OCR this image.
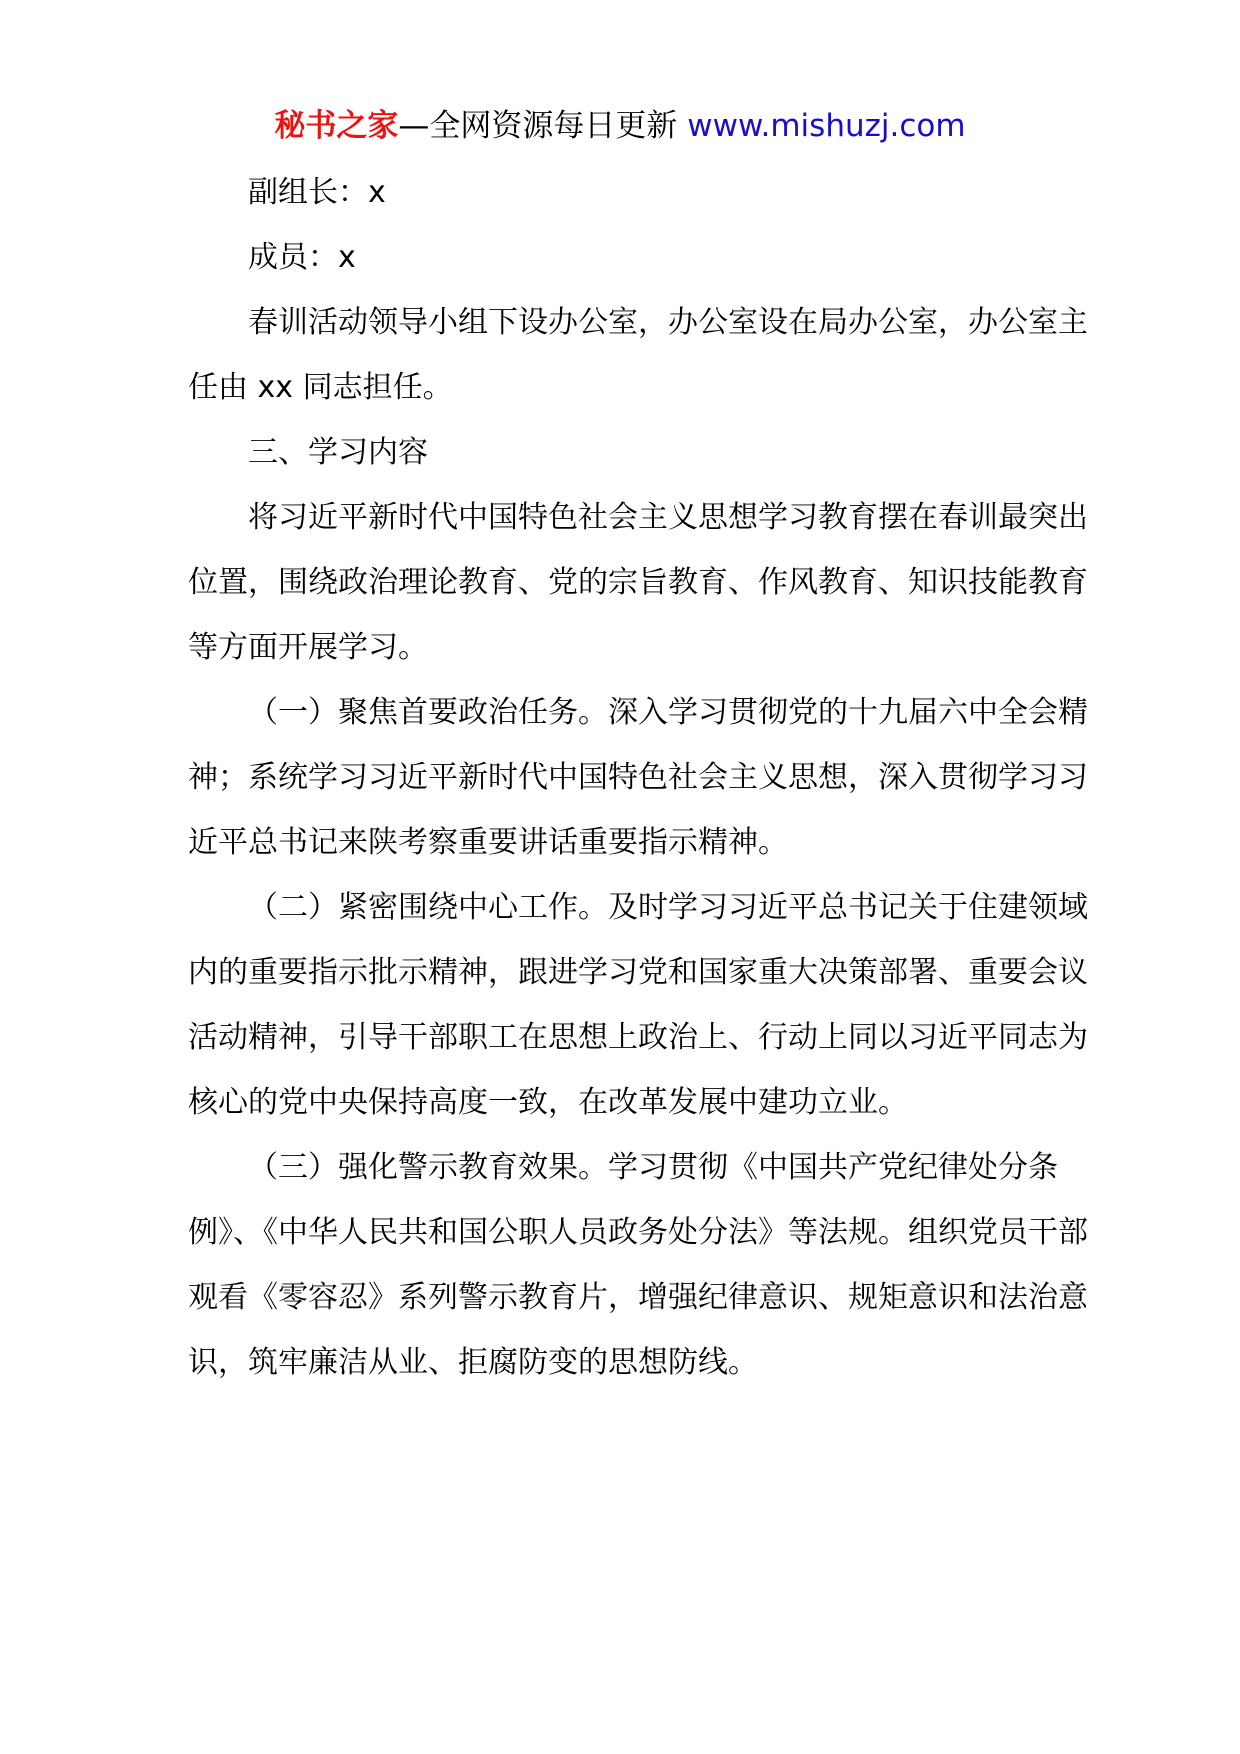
秘书之家—全网资源每日更新 www.mishuzj.com

副组长：x

成员：x

春训活动领导小组下设办公室，办公室设在局办公室，办公室主任由 xx 同志担任。

三、学习内容

将习近平新时代中国特色社会主义思想学习教育摆在春训最突出位置，围绕政治理论教育、党的宗旨教育、作风教育、知识技能教育等方面开展学习。

（一）聚焦首要政治任务。深入学习贯彻党的十九届六中全会精神；系统学习习近平新时代中国特色社会主义思想，深入贯彻学习习近平总书记来陕考察重要讲话重要指示精神。

（二）紧密围绕中心工作。及时学习习近平总书记关于住建领域内的重要指示批示精神，跟进学习党和国家重大决策部署、重要会议活动精神，引导干部职工在思想上政治上、行动上同以习近平同志为核心的党中央保持高度一致，在改革发展中建功立业。

（三）强化警示教育效果。学习贯彻《中国共产党纪律处分条例》、《中华人民共和国公职人员政务处分法》等法规。组织党员干部观看《零容忍》系列警示教育片，增强纪律意识、规矩意识和法治意识，筑牢廉洁从业、拒腐防变的思想防线。
